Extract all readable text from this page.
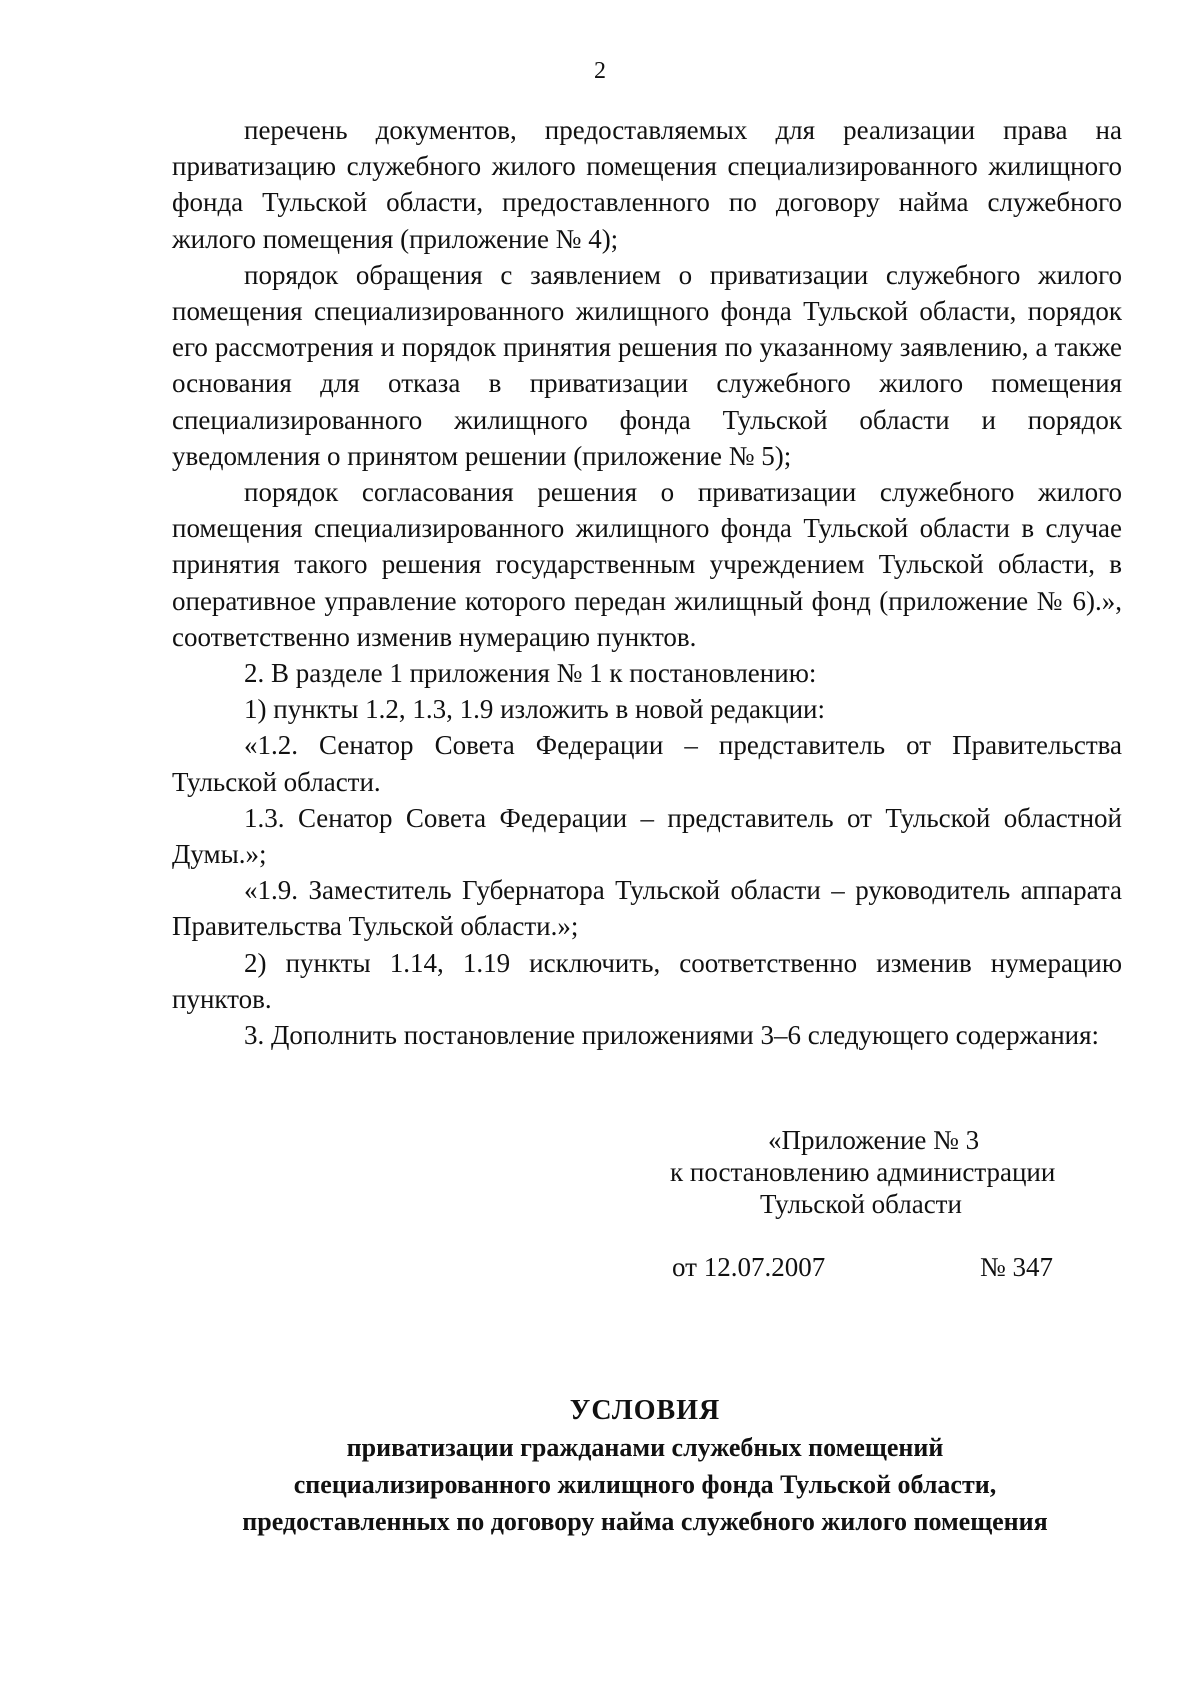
2

перечень документов, предоставляемых для реализации права на приватизацию служебного жилого помещения специализированного жилищного фонда Тульской области, предоставленного по договору найма служебного жилого помещения (приложение № 4);

порядок обращения с заявлением о приватизации служебного жилого помещения специализированного жилищного фонда Тульской области, порядок его рассмотрения и порядок принятия решения по указанному заявлению, а также основания для отказа в приватизации служебного жилого помещения специализированного жилищного фонда Тульской области и порядок уведомления о принятом решении (приложение № 5);

порядок согласования решения о приватизации служебного жилого помещения специализированного жилищного фонда Тульской области в случае принятия такого решения государственным учреждением Тульской области, в оперативное управление которого передан жилищный фонд (приложение № 6).», соответственно изменив нумерацию пунктов.

2. В разделе 1 приложения № 1 к постановлению:

1) пункты 1.2, 1.3, 1.9 изложить в новой редакции:

«1.2. Сенатор Совета Федерации – представитель от Правительства Тульской области.

1.3. Сенатор Совета Федерации – представитель от Тульской областной Думы.»;

«1.9. Заместитель Губернатора Тульской области – руководитель аппарата Правительства Тульской области.»;

2) пункты 1.14, 1.19 исключить, соответственно изменив нумерацию пунктов.

3. Дополнить постановление приложениями 3–6 следующего содержания:

«Приложение № 3
к постановлению администрации
Тульской области
от 12.07.2007	№ 347
УСЛОВИЯ
приватизации гражданами служебных помещений
специализированного жилищного фонда Тульской области,
предоставленных по договору найма служебного жилого помещения
